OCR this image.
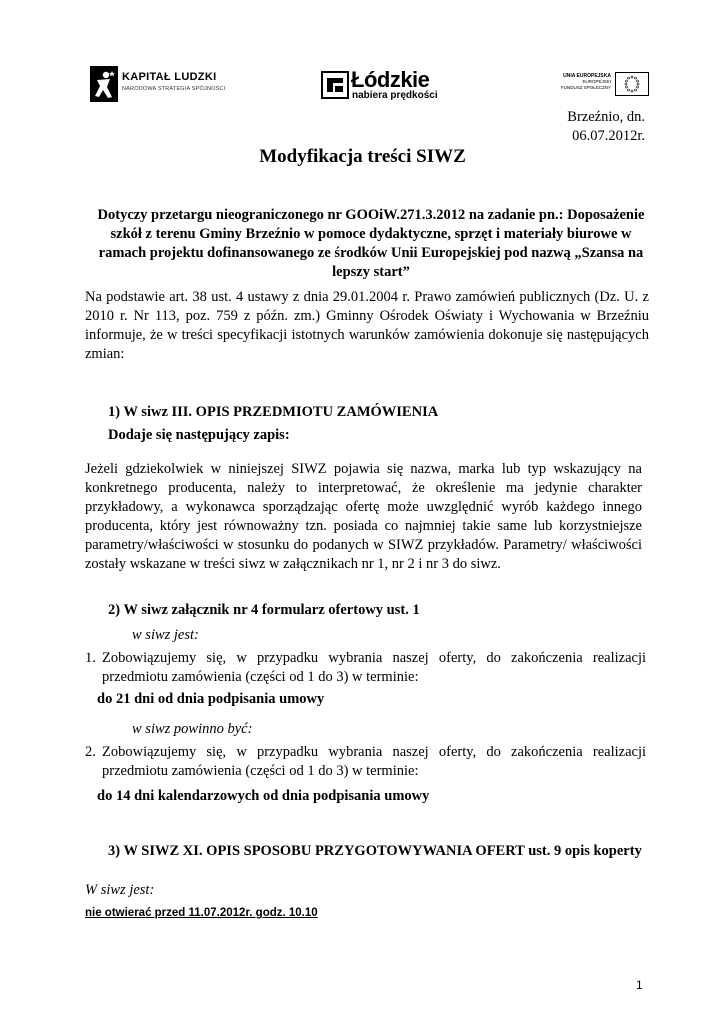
KAPITAŁ LUDZKI
NARODOWA STRATEGIA SPÓJNOŚCI	Łódzkie
nabiera prędkości
UNIA EUROPEJSKA
EUROPEJSKI
FUNDUSZ SPOŁECZNY
Brzeźnio, dn. 06.07.2012r.
Modyfikacja treści SIWZ
Dotyczy przetargu nieograniczonego nr GOOiW.271.3.2012 na zadanie pn.: Doposażenie szkół z terenu Gminy Brzeźnio w pomoce dydaktyczne, sprzęt i materiały biurowe w ramach projektu dofinansowanego ze środków Unii Europejskiej pod nazwą „Szansa na lepszy start”
Na podstawie art. 38 ust. 4 ustawy z dnia 29.01.2004 r. Prawo zamówień publicznych (Dz. U. z 2010 r. Nr 113, poz. 759 z późn. zm.) Gminny Ośrodek Oświaty i Wychowania w Brzeźniu informuje, że w treści specyfikacji istotnych warunków zamówienia dokonuje się następujących zmian:
1) W siwz III. OPIS PRZEDMIOTU ZAMÓWIENIA
Dodaje się następujący zapis:
Jeżeli gdziekolwiek w niniejszej SIWZ pojawia się nazwa, marka lub typ wskazujący na konkretnego producenta, należy to interpretować, że określenie ma jedynie charakter przykładowy, a wykonawca sporządzając ofertę może uwzględnić wyrób każdego innego producenta, który jest równoważny tzn. posiada co najmniej takie same lub korzystniejsze parametry/właściwości w stosunku do podanych w SIWZ przykładów. Parametry/ właściwości zostały wskazane w treści siwz w załącznikach nr 1, nr 2 i nr 3 do siwz.
2) W siwz załącznik nr 4 formularz ofertowy ust. 1
w siwz jest:
1. Zobowiązujemy się, w przypadku wybrania naszej oferty, do zakończenia realizacji przedmiotu zamówienia (części od 1 do 3) w terminie:
do 21 dni od dnia podpisania umowy
w siwz powinno być:
2. Zobowiązujemy się, w przypadku wybrania naszej oferty, do zakończenia realizacji przedmiotu zamówienia (części od 1 do 3) w terminie:
do 14 dni kalendarzowych od dnia podpisania umowy
3) W SIWZ XI. OPIS SPOSOBU PRZYGOTOWYWANIA OFERT ust. 9 opis koperty
W siwz jest:
nie otwierać przed 11.07.2012r. godz. 10.10
1
